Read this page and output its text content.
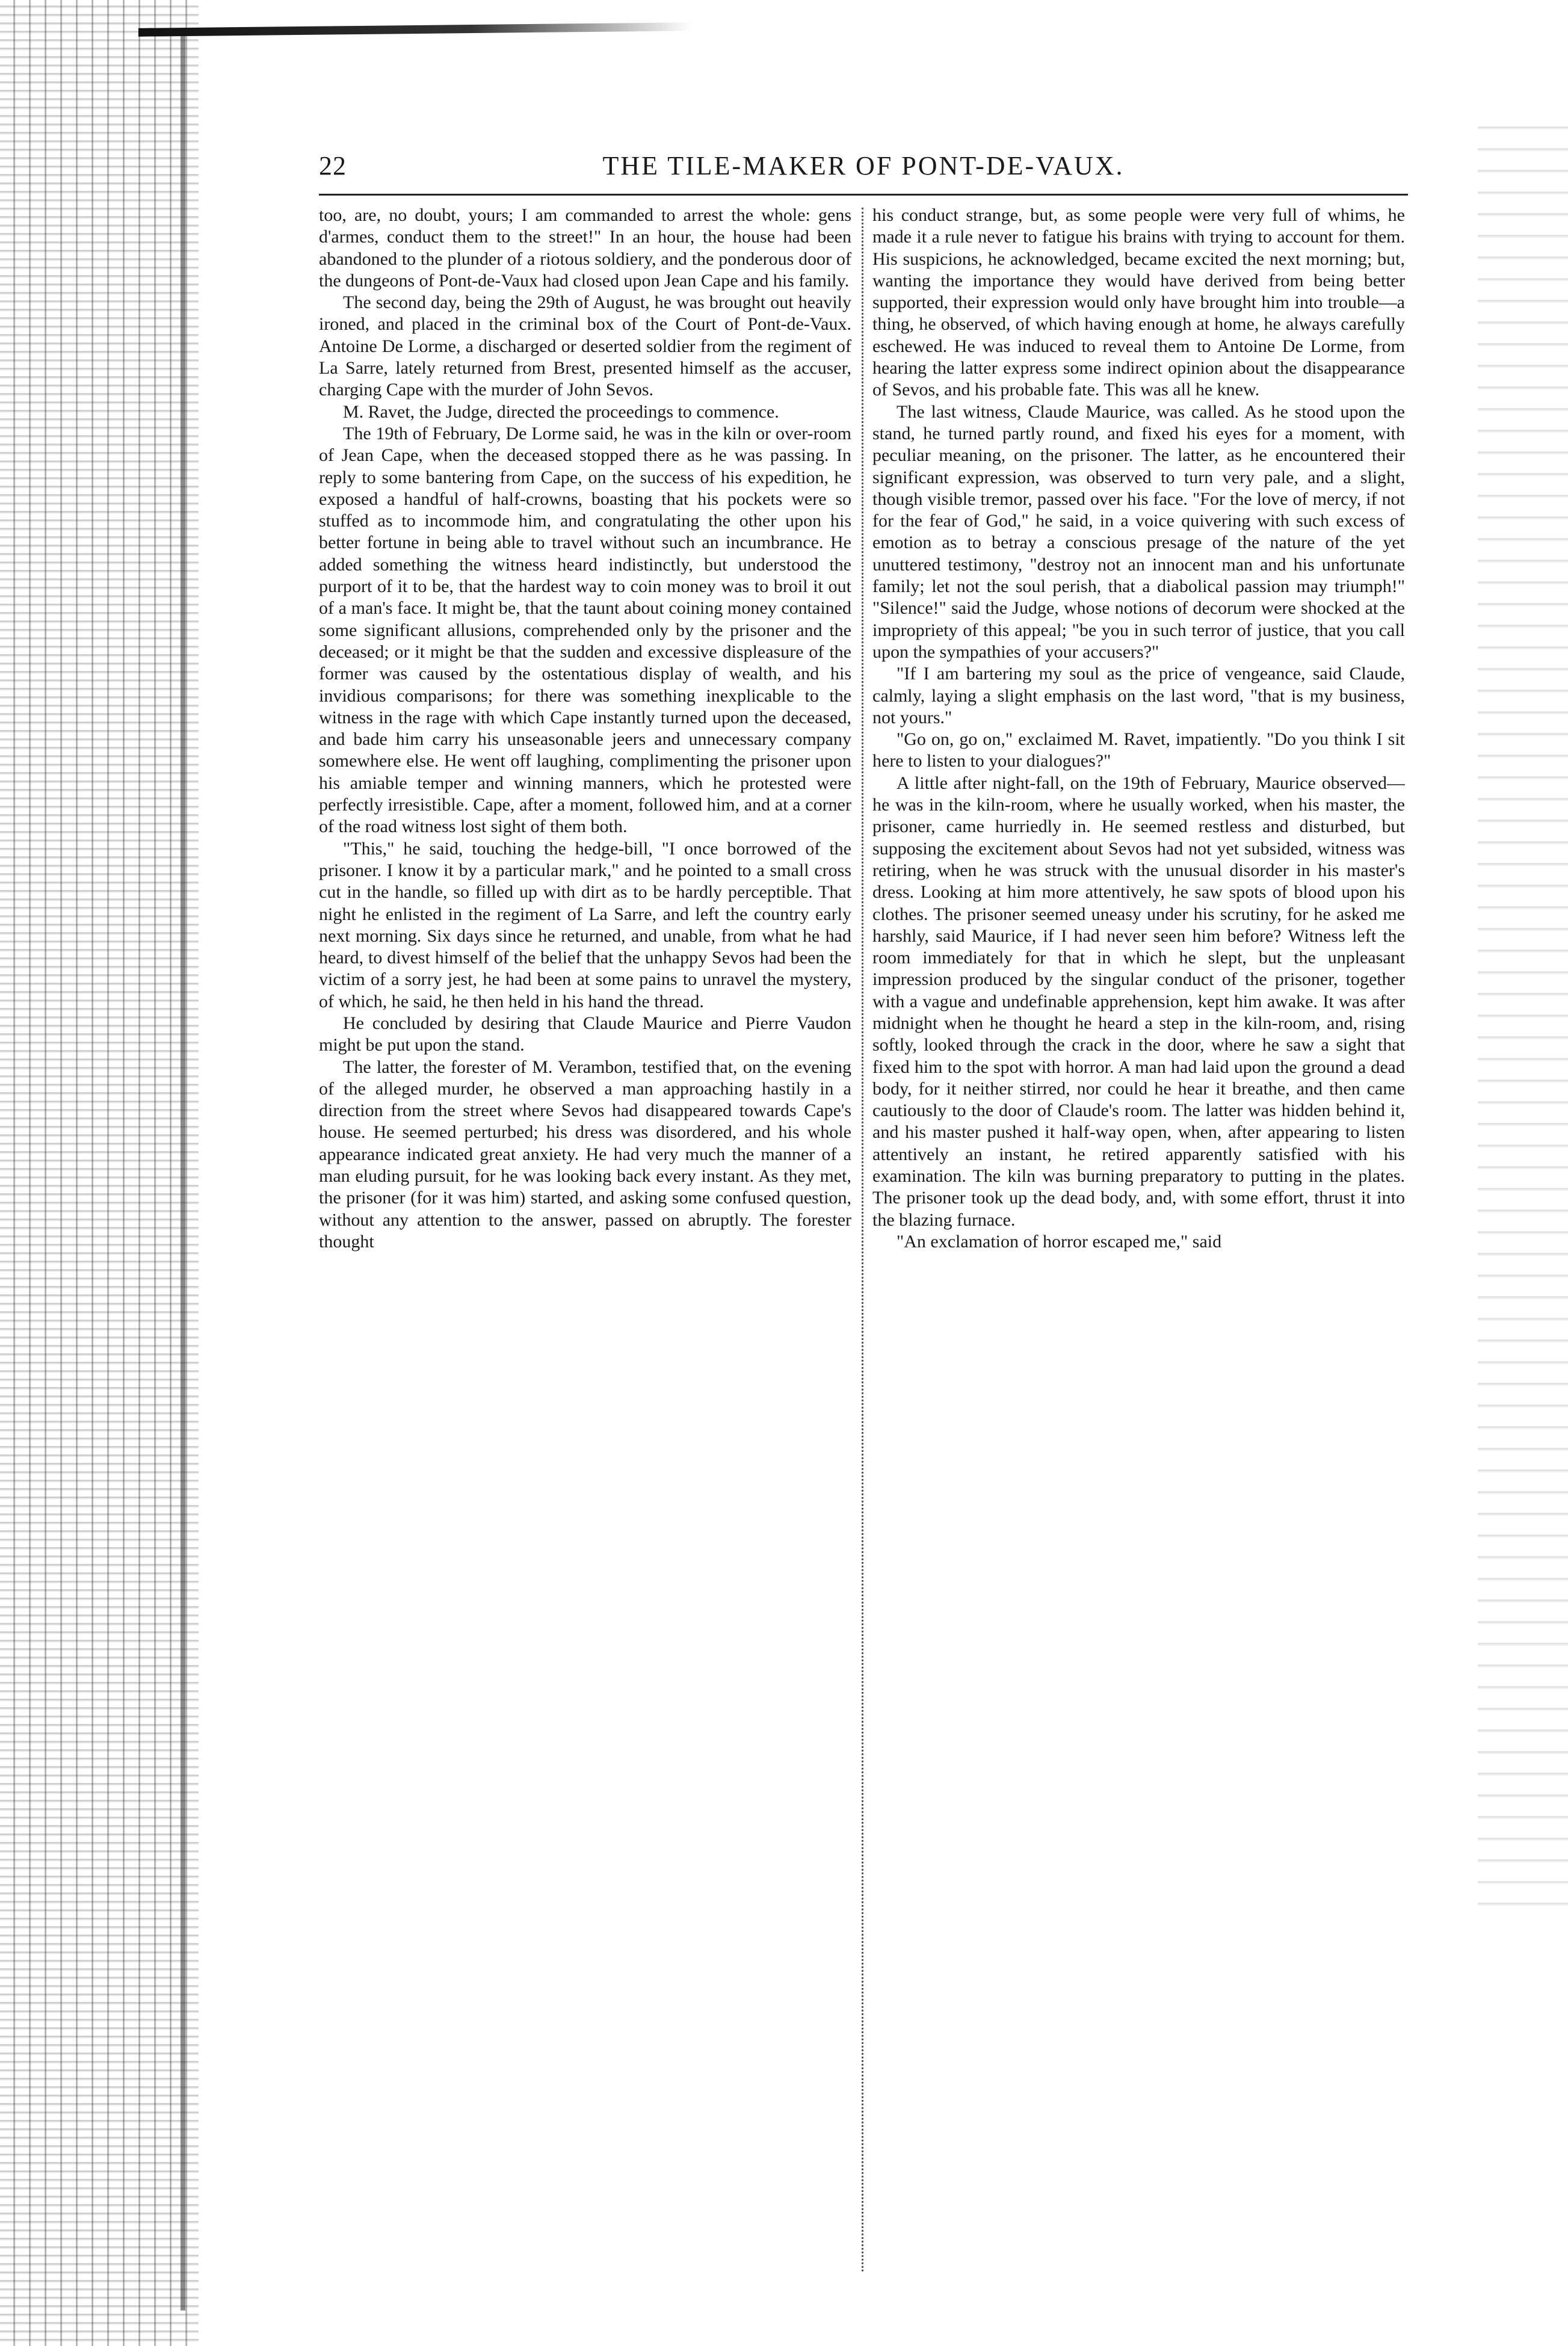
22	THE TILE-MAKER OF PONT-DE-VAUX.

too, are, no doubt, yours; I am commanded to arrest the whole: gens d'armes, conduct them to the street!" In an hour, the house had been abandoned to the plunder of a riotous soldiery, and the ponderous door of the dungeons of Pont-de-Vaux had closed upon Jean Cape and his family.

The second day, being the 29th of August, he was brought out heavily ironed, and placed in the criminal box of the Court of Pont-de-Vaux. Antoine De Lorme, a discharged or deserted soldier from the regiment of La Sarre, lately returned from Brest, presented himself as the accuser, charging Cape with the murder of John Sevos.

M. Ravet, the Judge, directed the proceedings to commence.

The 19th of February, De Lorme said, he was in the kiln or over-room of Jean Cape, when the deceased stopped there as he was passing. In reply to some bantering from Cape, on the success of his expedition, he exposed a handful of half-crowns, boasting that his pockets were so stuffed as to incommode him, and congratulating the other upon his better fortune in being able to travel without such an incumbrance. He added something the witness heard indistinctly, but understood the purport of it to be, that the hardest way to coin money was to broil it out of a man's face. It might be, that the taunt about coining money contained some significant allusions, comprehended only by the prisoner and the deceased; or it might be that the sudden and excessive displeasure of the former was caused by the ostentatious display of wealth, and his invidious comparisons; for there was something inexplicable to the witness in the rage with which Cape instantly turned upon the deceased, and bade him carry his unseasonable jeers and unnecessary company somewhere else. He went off laughing, complimenting the prisoner upon his amiable temper and winning manners, which he protested were perfectly irresistible. Cape, after a moment, followed him, and at a corner of the road witness lost sight of them both.

"This," he said, touching the hedge-bill, "I once borrowed of the prisoner. I know it by a particular mark," and he pointed to a small cross cut in the handle, so filled up with dirt as to be hardly perceptible. That night he enlisted in the regiment of La Sarre, and left the country early next morning. Six days since he returned, and unable, from what he had heard, to divest himself of the belief that the unhappy Sevos had been the victim of a sorry jest, he had been at some pains to unravel the mystery, of which, he said, he then held in his hand the thread.

He concluded by desiring that Claude Maurice and Pierre Vaudon might be put upon the stand.

The latter, the forester of M. Verambon, testified that, on the evening of the alleged murder, he observed a man approaching hastily in a direction from the street where Sevos had disappeared towards Cape's house. He seemed perturbed; his dress was disordered, and his whole appearance indicated great anxiety. He had very much the manner of a man eluding pursuit, for he was looking back every instant. As they met, the prisoner (for it was him) started, and asking some confused question, without any attention to the answer, passed on abruptly. The forester thought

his conduct strange, but, as some people were very full of whims, he made it a rule never to fatigue his brains with trying to account for them. His suspicions, he acknowledged, became excited the next morning; but, wanting the importance they would have derived from being better supported, their expression would only have brought him into trouble—a thing, he observed, of which having enough at home, he always carefully eschewed. He was induced to reveal them to Antoine De Lorme, from hearing the latter express some indirect opinion about the disappearance of Sevos, and his probable fate. This was all he knew.

The last witness, Claude Maurice, was called. As he stood upon the stand, he turned partly round, and fixed his eyes for a moment, with peculiar meaning, on the prisoner. The latter, as he encountered their significant expression, was observed to turn very pale, and a slight, though visible tremor, passed over his face. "For the love of mercy, if not for the fear of God," he said, in a voice quivering with such excess of emotion as to betray a conscious presage of the nature of the yet unuttered testimony, "destroy not an innocent man and his unfortunate family; let not the soul perish, that a diabolical passion may triumph!" "Silence!" said the Judge, whose notions of decorum were shocked at the impropriety of this appeal; "be you in such terror of justice, that you call upon the sympathies of your accusers?"

"If I am bartering my soul as the price of vengeance, said Claude, calmly, laying a slight emphasis on the last word, "that is my business, not yours."

"Go on, go on," exclaimed M. Ravet, impatiently. "Do you think I sit here to listen to your dialogues?"

A little after night-fall, on the 19th of February, Maurice observed—he was in the kiln-room, where he usually worked, when his master, the prisoner, came hurriedly in. He seemed restless and disturbed, but supposing the excitement about Sevos had not yet subsided, witness was retiring, when he was struck with the unusual disorder in his master's dress. Looking at him more attentively, he saw spots of blood upon his clothes. The prisoner seemed uneasy under his scrutiny, for he asked me harshly, said Maurice, if I had never seen him before? Witness left the room immediately for that in which he slept, but the unpleasant impression produced by the singular conduct of the prisoner, together with a vague and undefinable apprehension, kept him awake. It was after midnight when he thought he heard a step in the kiln-room, and, rising softly, looked through the crack in the door, where he saw a sight that fixed him to the spot with horror. A man had laid upon the ground a dead body, for it neither stirred, nor could he hear it breathe, and then came cautiously to the door of Claude's room. The latter was hidden behind it, and his master pushed it half-way open, when, after appearing to listen attentively an instant, he retired apparently satisfied with his examination. The kiln was burning preparatory to putting in the plates. The prisoner took up the dead body, and, with some effort, thrust it into the blazing furnace.

"An exclamation of horror escaped me," said
